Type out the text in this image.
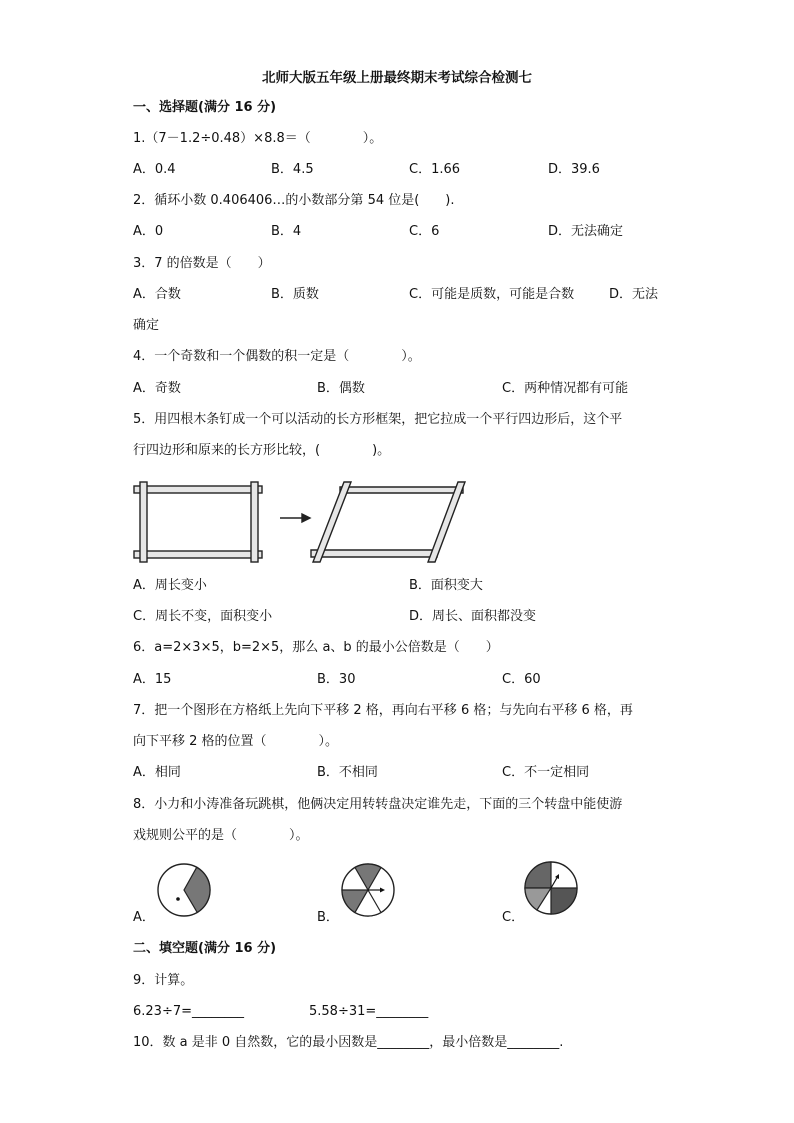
北师大版五年级上册最终期末考试综合检测七
一、选择题(满分 16 分)
1.（7－1.2÷0.48）×8.8＝（　　　　）。
A．0.4	B．4.5	C．1.66	D．39.6
2．循环小数 0.406406…的小数部分第 54 位是(　　).
A．0	B．4	C．6	D．无法确定
3．7 的倍数是（　　）
A．合数	B．质数	C．可能是质数，可能是合数	D．无法
确定
4．一个奇数和一个偶数的积一定是（　　　　）。
A．奇数	B．偶数	C．两种情况都有可能
5．用四根木条钉成一个可以活动的长方形框架，把它拉成一个平行四边形后，这个平
行四边形和原来的长方形比较，(　　　　)。
A．周长变小	B．面积变大
C．周长不变，面积变小	D．周长、面积都没变
6．a=2×3×5，b=2×5，那么 a、b 的最小公倍数是（　　）
A．15	B．30	C．60
7．把一个图形在方格纸上先向下平移 2 格，再向右平移 6 格；与先向右平移 6 格，再
向下平移 2 格的位置（　　　　）。
A．相同	B．不相同	C．不一定相同
8．小力和小涛准备玩跳棋，他俩决定用转转盘决定谁先走，下面的三个转盘中能使游
戏规则公平的是（　　　　）。
A．	B．	C．
二、填空题(满分 16 分)
9．计算。
6.23÷7=________	5.58÷31=________
10．数 a 是非 0 自然数，它的最小因数是________，最小倍数是________.
